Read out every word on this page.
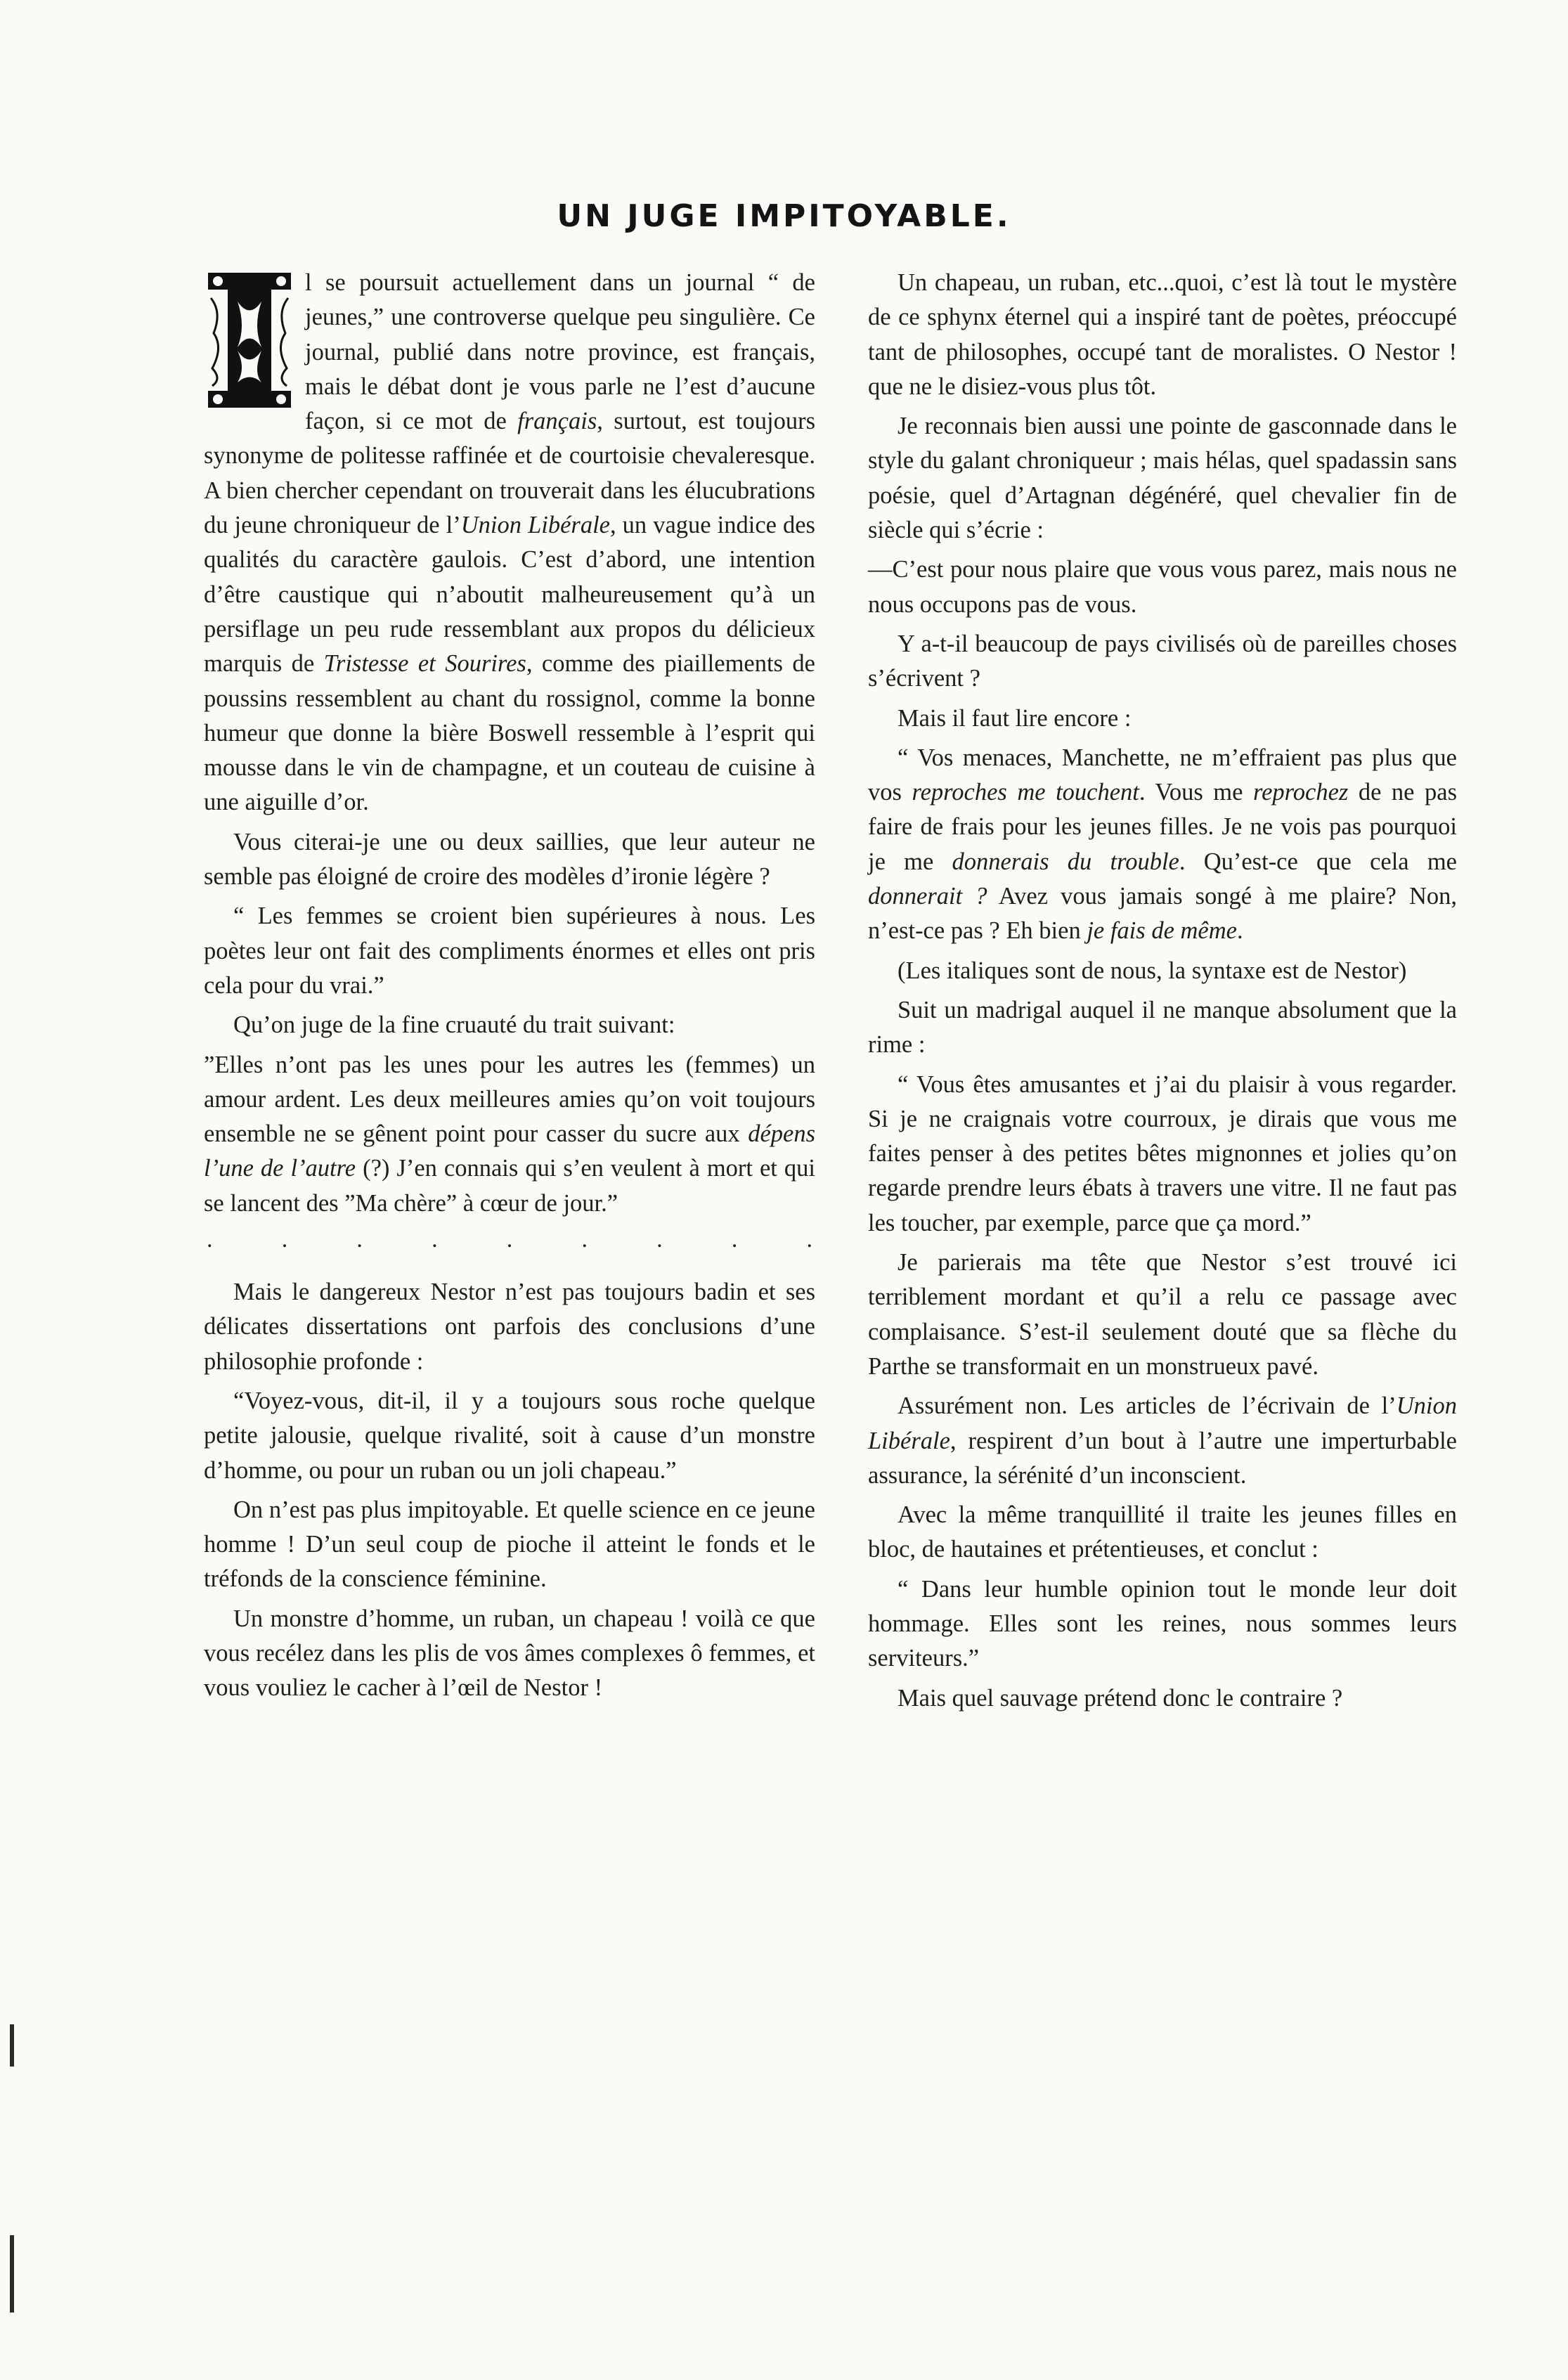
UN JUGE IMPITOYABLE.

l se poursuit actuellement dans un journal “ de jeunes,” une controverse quelque peu singulière. Ce journal, publié dans notre province, est français, mais le débat dont je vous parle ne l’est d’aucune façon, si ce mot de français, surtout, est toujours synonyme de politesse raffinée et de courtoisie chevaleresque. A bien chercher cependant on trouverait dans les élucubrations du jeune chroniqueur de l’Union Libérale, un vague indice des qualités du caractère gaulois. C’est d’abord, une intention d’être caustique qui n’aboutit malheureusement qu’à un persiflage un peu rude ressemblant aux propos du délicieux marquis de Tristesse et Sourires, comme des piaillements de poussins ressemblent au chant du rossignol, comme la bonne humeur que donne la bière Boswell ressemble à l’esprit qui mousse dans le vin de champagne, et un couteau de cuisine à une aiguille d’or.

Vous citerai-je une ou deux saillies, que leur auteur ne semble pas éloigné de croire des modèles d’ironie légère ?

“ Les femmes se croient bien supérieures à nous. Les poètes leur ont fait des compliments énormes et elles ont pris cela pour du vrai.”

Qu’on juge de la fine cruauté du trait suivant:

”Elles n’ont pas les unes pour les autres les (femmes) un amour ardent. Les deux meilleures amies qu’on voit toujours ensemble ne se gênent point pour casser du sucre aux dépens l’une de l’autre (?) J’en connais qui s’en veulent à mort et qui se lancent des ”Ma chère” à cœur de jour.”

. . . . . . . . .

Mais le dangereux Nestor n’est pas toujours badin et ses délicates dissertations ont parfois des conclusions d’une philosophie profonde :

“Voyez-vous, dit-il, il y a toujours sous roche quelque petite jalousie, quelque rivalité, soit à cause d’un monstre d’homme, ou pour un ruban ou un joli chapeau.”

On n’est pas plus impitoyable. Et quelle science en ce jeune homme ! D’un seul coup de pioche il atteint le fonds et le tréfonds de la conscience féminine.

Un monstre d’homme, un ruban, un chapeau ! voilà ce que vous recélez dans les plis de vos âmes complexes ô femmes, et vous vouliez le cacher à l’œil de Nestor !

Un chapeau, un ruban, etc...quoi, c’est là tout le mystère de ce sphynx éternel qui a inspiré tant de poètes, préoccupé tant de philosophes, occupé tant de moralistes. O Nestor ! que ne le disiez-vous plus tôt.

Je reconnais bien aussi une pointe de gasconnade dans le style du galant chroniqueur ; mais hélas, quel spadassin sans poésie, quel d’Artagnan dégénéré, quel chevalier fin de siècle qui s’écrie :

—C’est pour nous plaire que vous vous parez, mais nous ne nous occupons pas de vous.

Y a-t-il beaucoup de pays civilisés où de pareilles choses s’écrivent ?

Mais il faut lire encore :

“ Vos menaces, Manchette, ne m’effraient pas plus que vos reproches me touchent. Vous me reprochez de ne pas faire de frais pour les jeunes filles. Je ne vois pas pourquoi je me donnerais du trouble. Qu’est-ce que cela me donnerait ? Avez vous jamais songé à me plaire? Non, n’est-ce pas ? Eh bien je fais de même.

(Les italiques sont de nous, la syntaxe est de Nestor)

Suit un madrigal auquel il ne manque absolument que la rime :

“ Vous êtes amusantes et j’ai du plaisir à vous regarder. Si je ne craignais votre courroux, je dirais que vous me faites penser à des petites bêtes mignonnes et jolies qu’on regarde prendre leurs ébats à travers une vitre. Il ne faut pas les toucher, par exemple, parce que ça mord.”

Je parierais ma tête que Nestor s’est trouvé ici terriblement mordant et qu’il a relu ce passage avec complaisance. S’est-il seulement douté que sa flèche du Parthe se transformait en un monstrueux pavé.

Assurément non. Les articles de l’écrivain de l’Union Libérale, respirent d’un bout à l’autre une imperturbable assurance, la sérénité d’un inconscient.

Avec la même tranquillité il traite les jeunes filles en bloc, de hautaines et prétentieuses, et conclut :

“ Dans leur humble opinion tout le monde leur doit hommage. Elles sont les reines, nous sommes leurs serviteurs.”

Mais quel sauvage prétend donc le contraire ?
